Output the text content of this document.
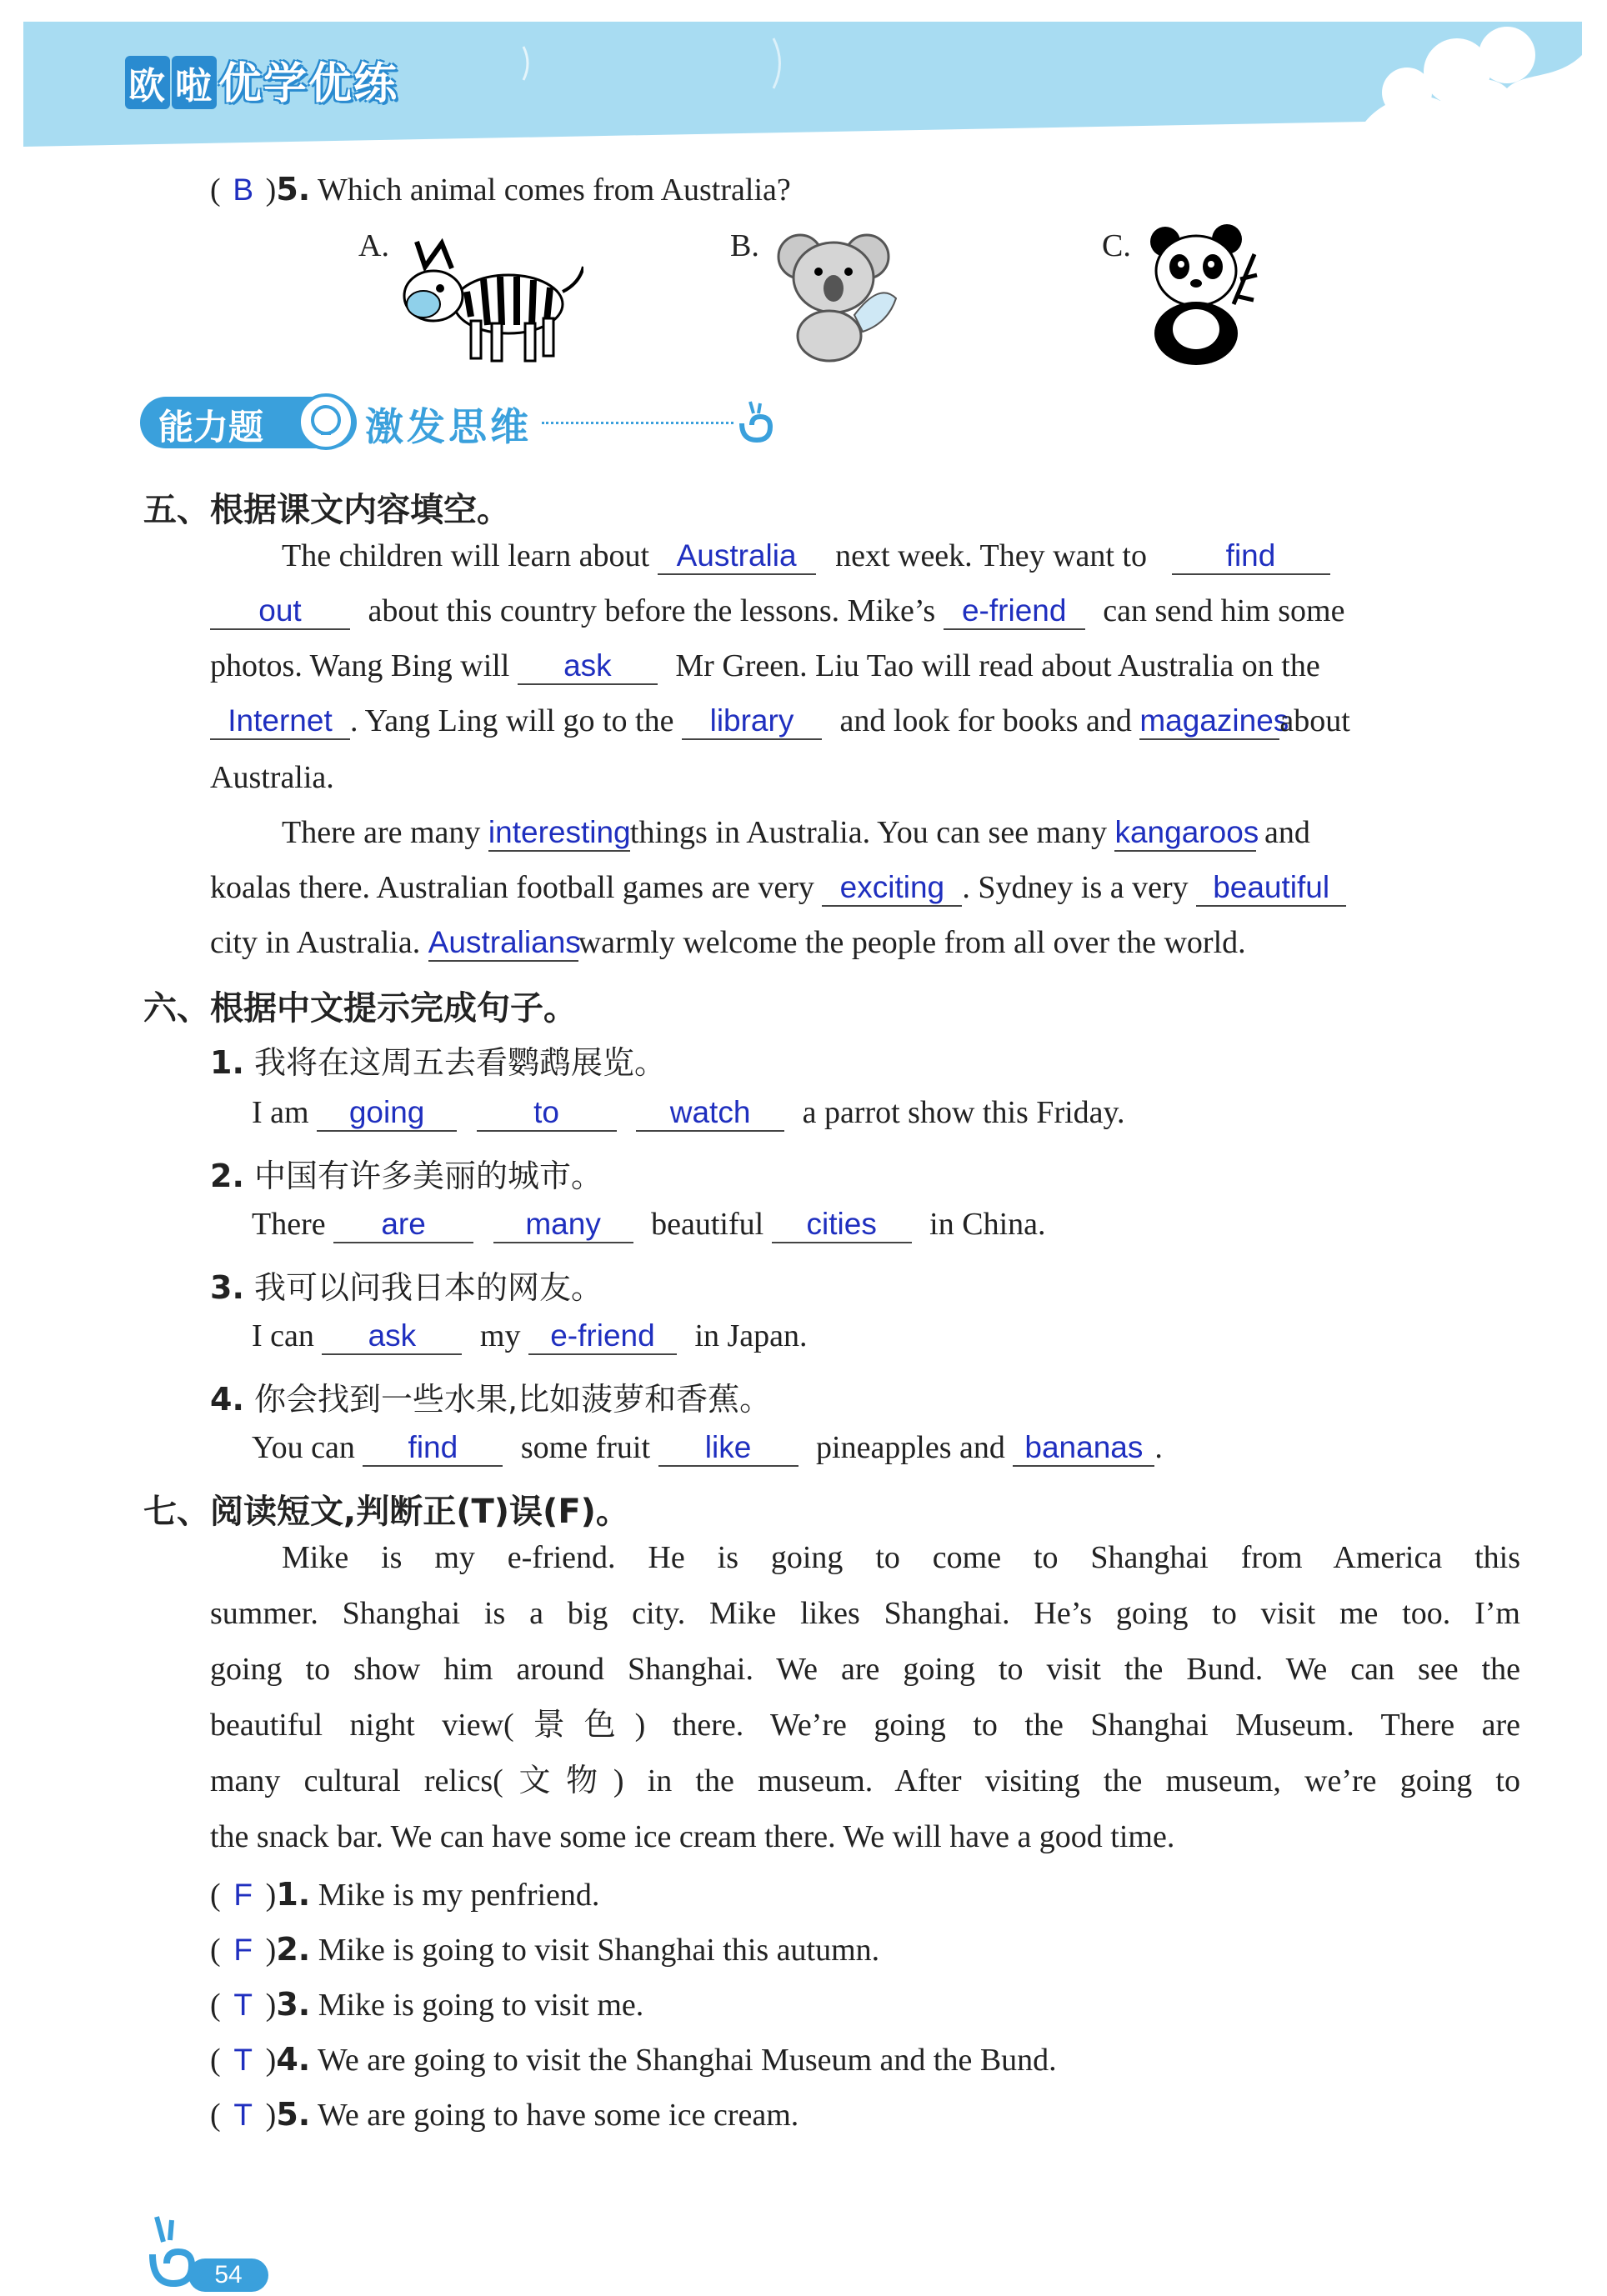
欧 啦 优学优练
( B )5. Which animal comes from Australia?
A.	B.	C.
能力题	激发思维
五、根据课文内容填空。
The children will learn about Australia next week. They want to	find
out about this country before the lessons. Mike’s e-friend can send him some
photos. Wang Bing will ask Mr Green. Liu Tao will read about Australia on the
Internet . Yang Ling will go to the library and look for books and magazinesabout
Australia.
There are many interestingthings in Australia. You can see many kangaroos and
koalas there. Australian football games are very exciting . Sydney is a very beautiful
city in Australia. Australianswarmly welcome the people from all over the world.
六、根据中文提示完成句子。
1. 我将在这周五去看鹦鹉展览。
I am going	to	watch a parrot show this Friday.
2. 中国有许多美丽的城市。
There are	many beautiful cities in China.
3. 我可以问我日本的网友。
I can ask my e-friend in Japan.
4. 你会找到一些水果,比如菠萝和香蕉。
You can find some fruit like pineapples and bananas .
七、阅读短文,判断正(T)误(F)。
Mike is my e-friend. He is going to come to Shanghai from America this
summer. Shanghai is a big city. Mike likes Shanghai. He’s going to visit me too. I’m
going to show him around Shanghai. We are going to visit the Bund. We can see the
beautiful night view(景色) there. We’re going to the Shanghai Museum. There are
many cultural relics(文物) in the museum. After visiting the museum, we’re going to
the snack bar. We can have some ice cream there. We will have a good time.
( F )1. Mike is my penfriend.
( F )2. Mike is going to visit Shanghai this autumn.
( T )3. Mike is going to visit me.
( T )4. We are going to visit the Shanghai Museum and the Bund.
( T )5. We are going to have some ice cream.
54
